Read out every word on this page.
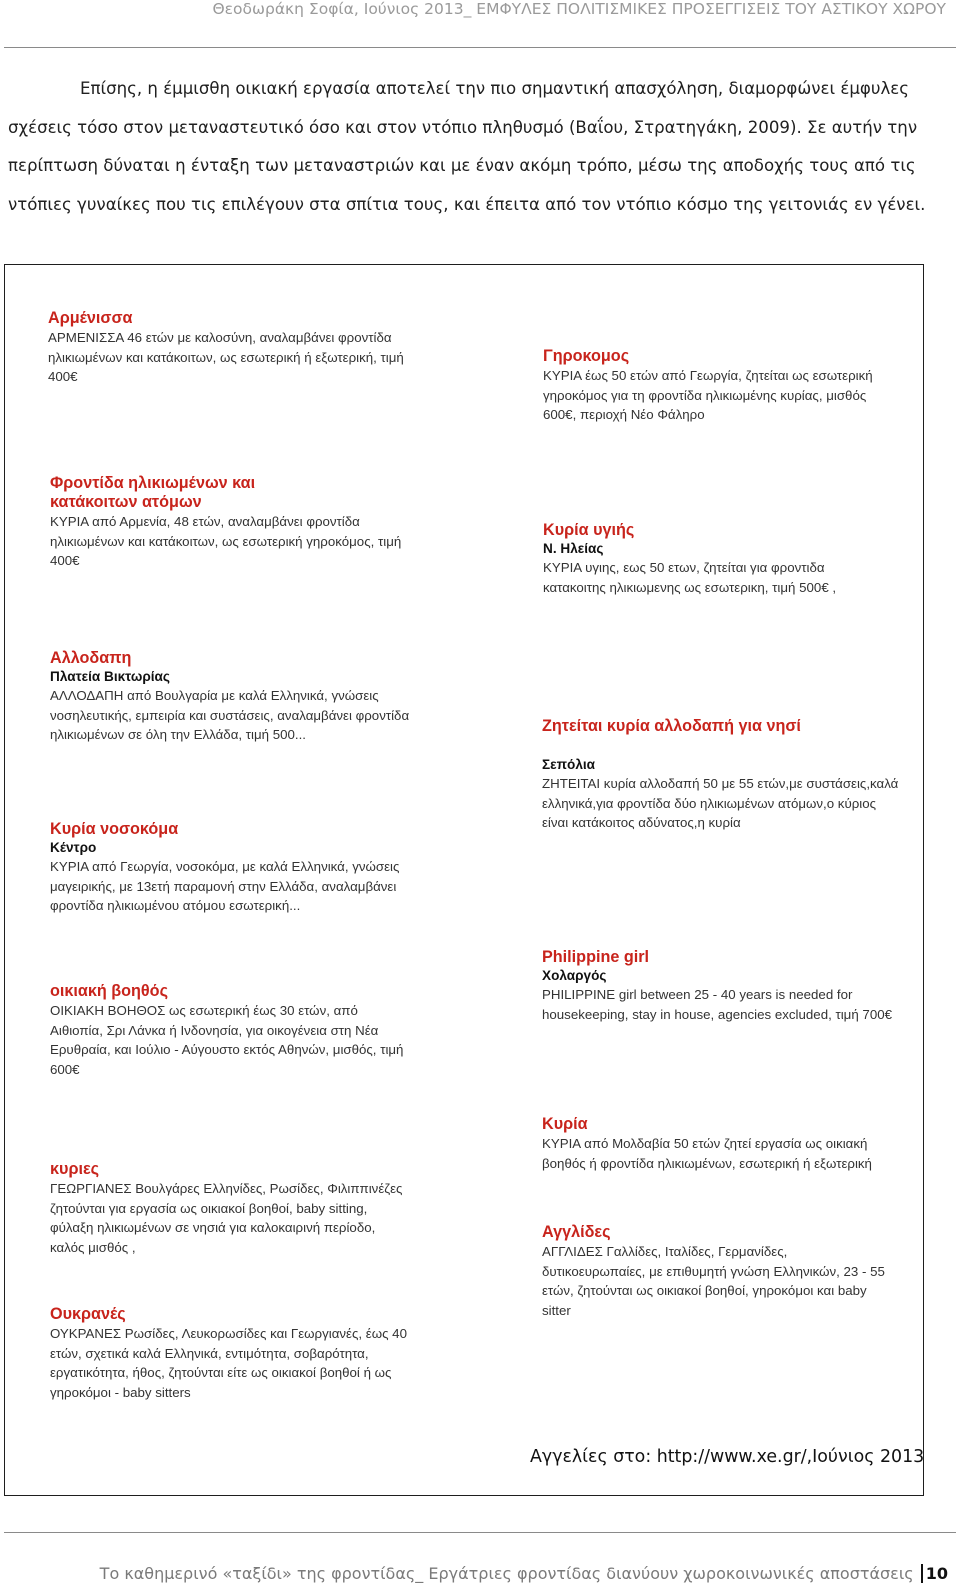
Θεοδωράκη Σοφία, Ιούνιος 2013_ ΕΜΦΥΛΕΣ ΠΟΛΙΤΙΣΜΙΚΕΣ ΠΡΟΣΕΓΓΙΣΕΙΣ ΤΟΥ ΑΣΤΙΚΟΥ ΧΩΡΟΥ

Επίσης, η έμμισθη οικιακή εργασία αποτελεί την πιο σημαντική απασχόληση, διαμορφώνει έμφυλες σχέσεις τόσο στον μεταναστευτικό όσο και στον ντόπιο πληθυσμό (Βαΐου, Στρατηγάκη, 2009). Σε αυτήν την περίπτωση δύναται η ένταξη των μεταναστριών και με έναν ακόμη τρόπο, μέσω της αποδοχής τους από τις ντόπιες γυναίκες που τις επιλέγουν στα σπίτια τους, και έπειτα από τον ντόπιο κόσμο της γειτονιάς εν γένει.

Αρμένισσα
ΑΡΜΕΝΙΣΣΑ 46 ετών με καλοσύνη, αναλαμβάνει φροντίδα ηλικιωμένων και κατάκοιτων, ως εσωτερική ή εξωτερική, τιμή 400€
Φροντίδα ηλικιωμένων και κατάκοιτων ατόμων
ΚΥΡΙΑ από Αρμενία, 48 ετών, αναλαμβάνει φροντίδα ηλικιωμένων και κατάκοιτων, ως εσωτερική γηροκόμος, τιμή 400€
Αλλοδαπη
Πλατεία Βικτωρίας
ΑΛΛΟΔΑΠΗ από Βουλγαρία με καλά Ελληνικά, γνώσεις νοσηλευτικής, εμπειρία και συστάσεις, αναλαμβάνει φροντίδα ηλικιωμένων σε όλη την Ελλάδα, τιμή 500...
Κυρία νοσοκόμα
Κέντρο
ΚΥΡΙΑ από Γεωργία, νοσοκόμα, με καλά Ελληνικά, γνώσεις μαγειρικής, με 13ετή παραμονή στην Ελλάδα, αναλαμβάνει φροντίδα ηλικιωμένου ατόμου εσωτερική...
οικιακή βοηθός
ΟΙΚΙΑΚΗ ΒΟΗΘΟΣ ως εσωτερική έως 30 ετών, από Αιθιοπία, Σρι Λάνκα ή Ινδονησία, για οικογένεια στη Νέα Ερυθραία, και Ιούλιο - Αύγουστο εκτός Αθηνών, μισθός, τιμή 600€
κυριες
ΓΕΩΡΓΙΑΝΕΣ Βουλγάρες Ελληνίδες, Ρωσίδες, Φιλιππινέζες ζητούνται για εργασία ως οικιακοί βοηθοί, baby sitting, φύλαξη ηλικιωμένων σε νησιά για καλοκαιρινή περίοδο, καλός μισθός ,
Ουκρανές
ΟΥΚΡΑΝΕΣ Ρωσίδες, Λευκορωσίδες και Γεωργιανές, έως 40 ετών, σχετικά καλά Ελληνικά, εντιμότητα, σοβαρότητα, εργατικότητα, ήθος, ζητούνται είτε ως οικιακοί βοηθοί ή ως γηροκόμοι - baby sitters
Γηροκομος
ΚΥΡΙΑ έως 50 ετών από Γεωργία, ζητείται ως εσωτερική γηροκόμος για τη φροντίδα ηλικιωμένης κυρίας, μισθός 600€, περιοχή Νέο Φάληρο
Κυρία υγιής
Ν. Ηλείας
ΚΥΡΙΑ υγιης, εως 50 ετων, ζητείται για φροντιδα κατακοιτης ηλικιωμενης ως εσωτερικη, τιμή 500€ ,
Ζητείται κυρία αλλοδαπή για νησί
Σεπόλια
ΖΗΤΕΙΤΑΙ κυρία αλλοδαπή 50 με 55 ετών,με συστάσεις,καλά ελληνικά,για φροντίδα δύο ηλικιωμένων ατόμων,ο κύριος είναι κατάκοιτος αδύνατος,η κυρία
Philippine girl
Χολαργός
PHILIPPINE girl between 25 - 40 years is needed for housekeeping, stay in house, agencies excluded, τιμή 700€
Κυρία
ΚΥΡΙΑ από Μολδαβία 50 ετών ζητεί εργασία ως οικιακή βοηθός ή φροντίδα ηλικιωμένων, εσωτερική ή εξωτερική
Αγγλίδες
ΑΓΓΛΙΔΕΣ Γαλλίδες, Ιταλίδες, Γερμανίδες, δυτικοευρωπαίες, με επιθυμητή γνώση Ελληνικών, 23 - 55 ετών, ζητούνται ως οικιακοί βοηθοί, γηροκόμοι και baby sitter
Αγγελίες στο: http://www.xe.gr/,Ιούνιος 2013
Το καθημερινό «ταξίδι» της φροντίδας_ Εργάτριες φροντίδας διανύουν χωροκοινωνικές αποστάσεις 10
